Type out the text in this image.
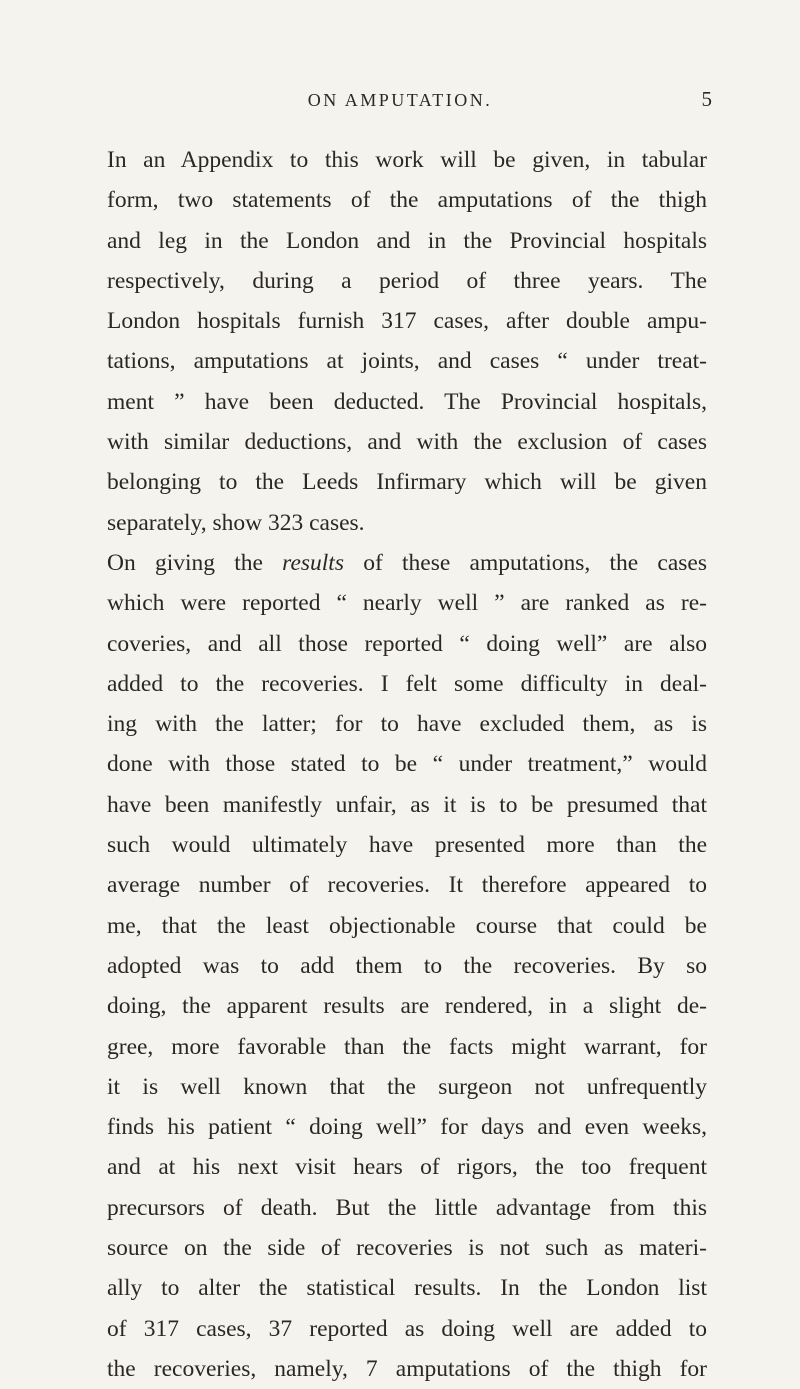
ON AMPUTATION.	5
In an Appendix to this work will be given, in tabular
form, two statements of the amputations of the thigh
and leg in the London and in the Provincial hospitals
respectively, during a period of three years. The
London hospitals furnish 317 cases, after double ampu-
tations, amputations at joints, and cases “ under treat-
ment ” have been deducted. The Provincial hospitals,
with similar deductions, and with the exclusion of cases
belonging to the Leeds Infirmary which will be given
separately, show 323 cases.
On giving the results of these amputations, the cases
which were reported “ nearly well ” are ranked as re-
coveries, and all those reported “ doing well” are also
added to the recoveries. I felt some difficulty in deal-
ing with the latter; for to have excluded them, as is
done with those stated to be “ under treatment,” would
have been manifestly unfair, as it is to be presumed that
such would ultimately have presented more than the
average number of recoveries. It therefore appeared to
me, that the least objectionable course that could be
adopted was to add them to the recoveries. By so
doing, the apparent results are rendered, in a slight de-
gree, more favorable than the facts might warrant, for
it is well known that the surgeon not unfrequently
finds his patient “ doing well” for days and even weeks,
and at his next visit hears of rigors, the too frequent
precursors of death. But the little advantage from this
source on the side of recoveries is not such as materi-
ally to alter the statistical results. In the London list
of 317 cases, 37 reported as doing well are added to
the recoveries, namely, 7 amputations of the thigh for
